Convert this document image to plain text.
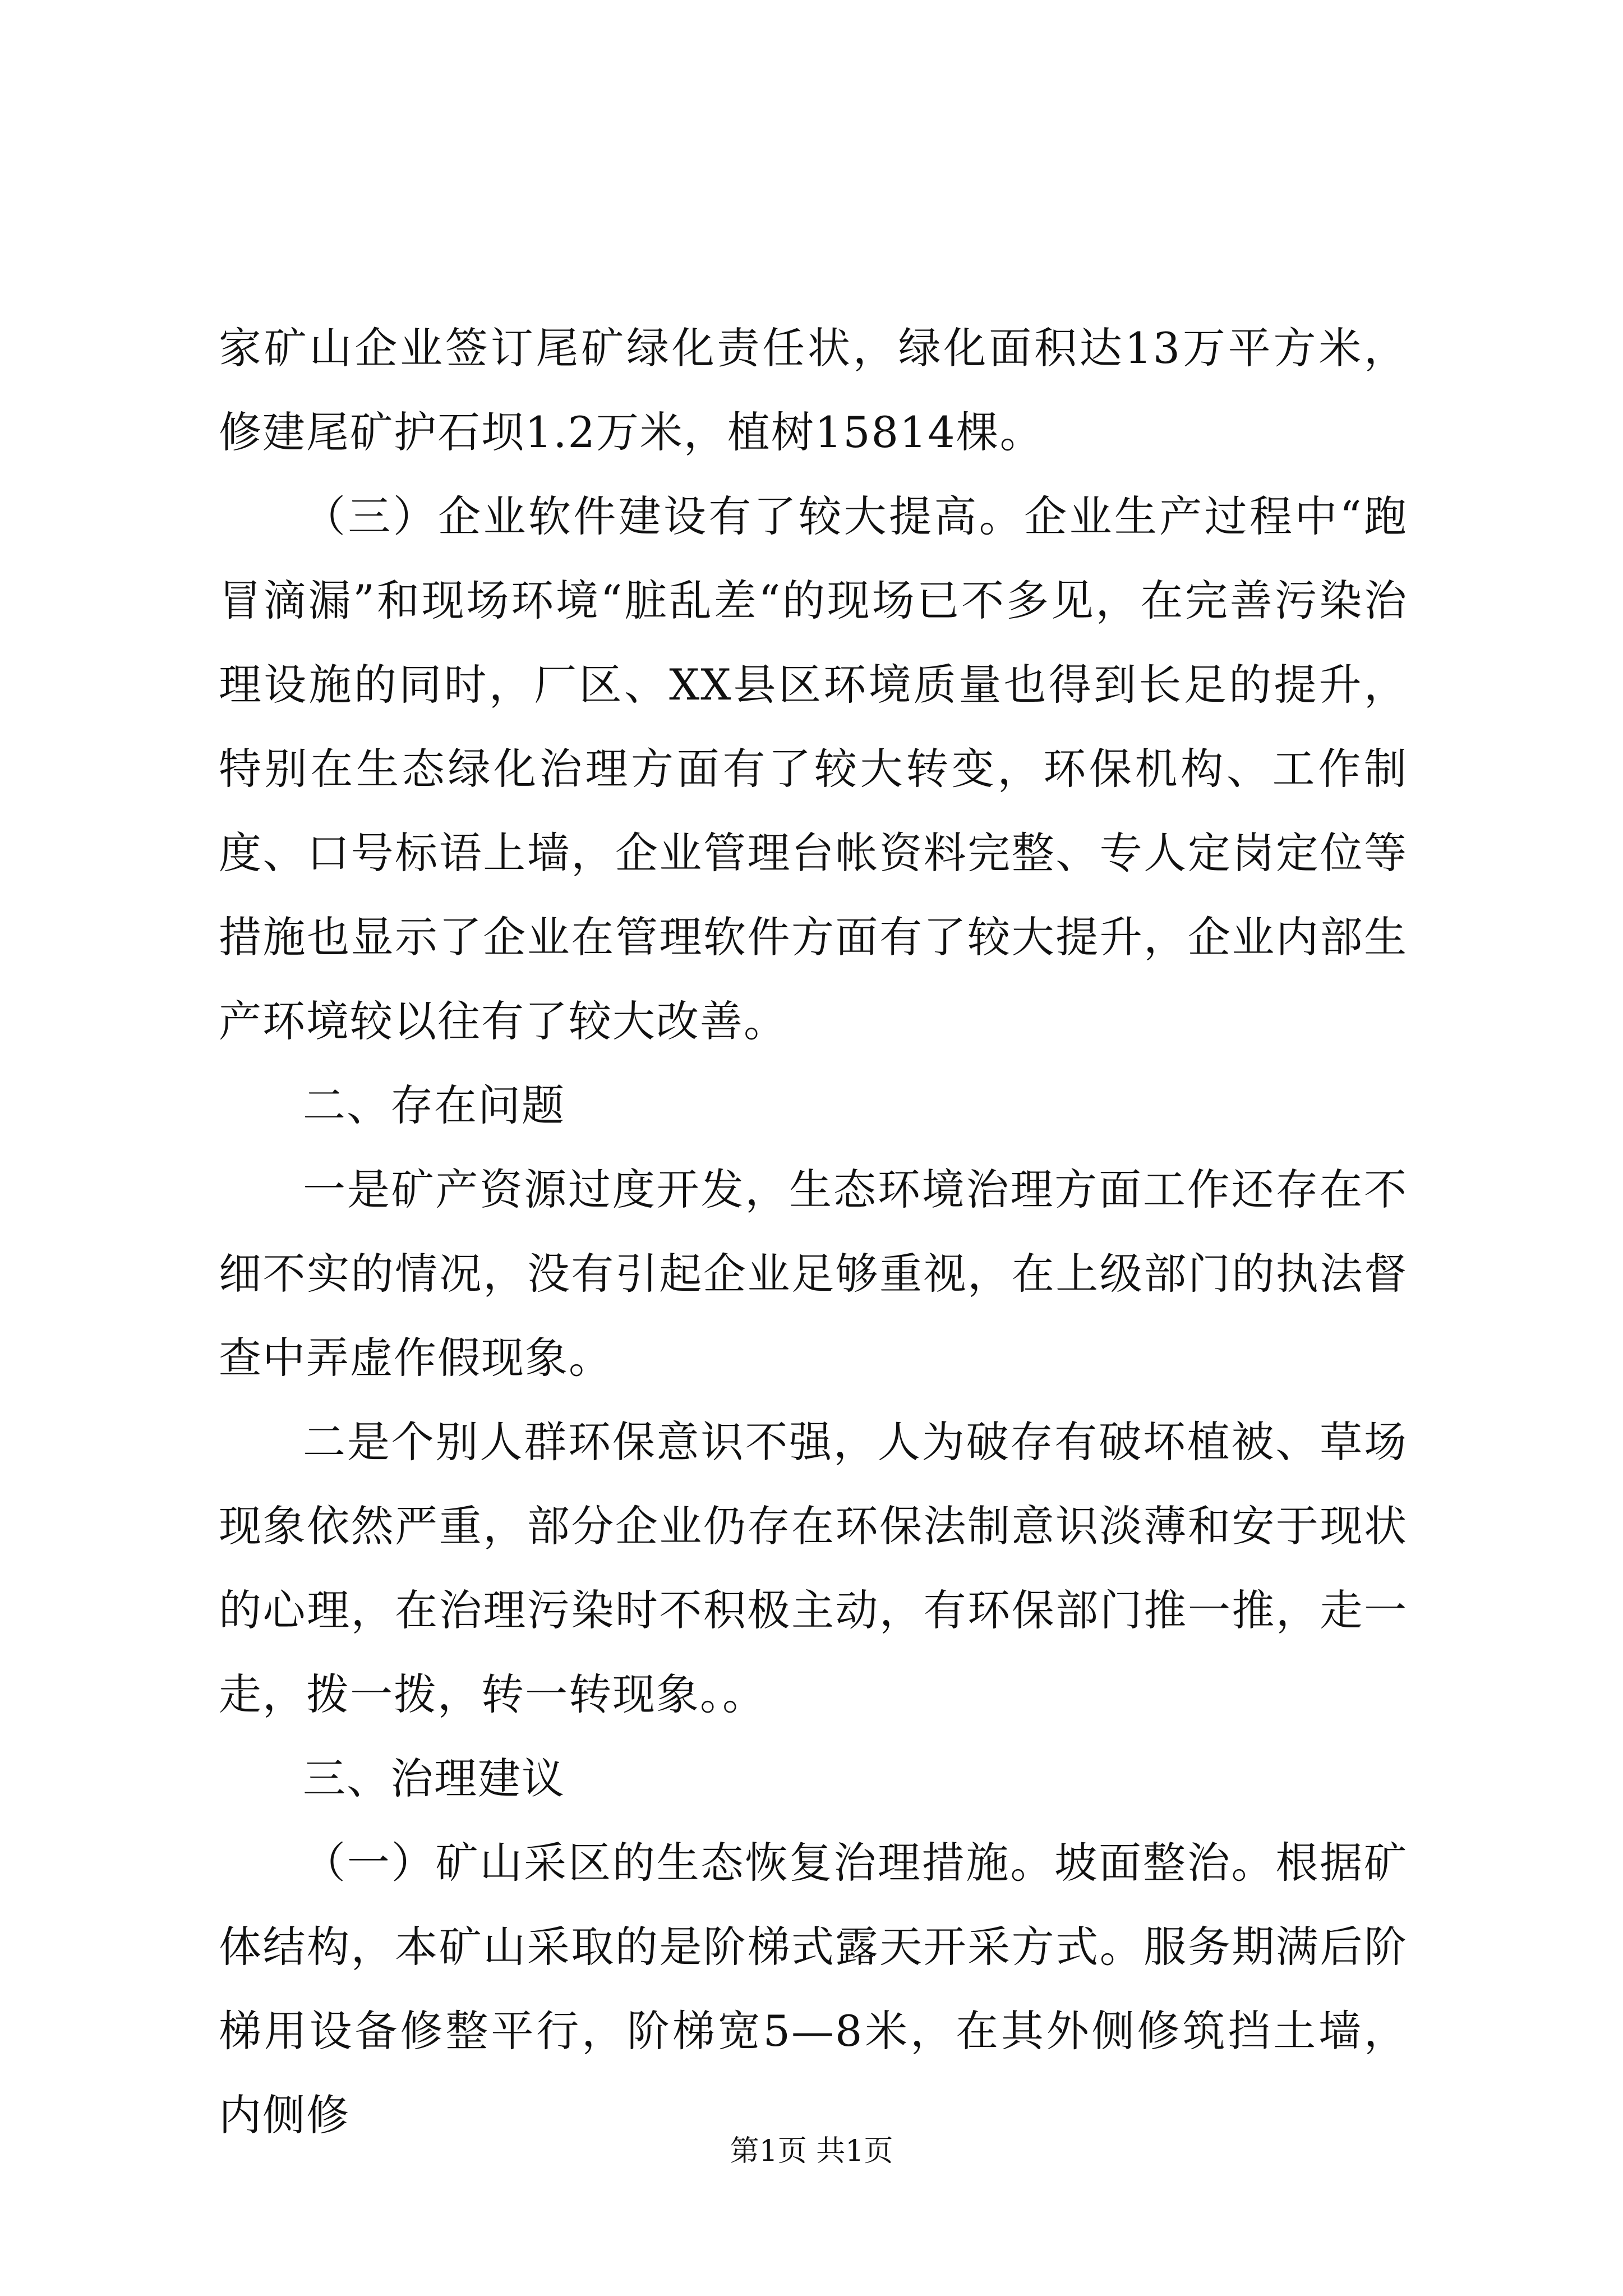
家矿山企业签订尾矿绿化责任状，绿化面积达13万平方米，修建尾矿护石坝1.2万米，植树15814棵。

（三）企业软件建设有了较大提高。企业生产过程中“跑冒滴漏”和现场环境“脏乱差“的现场已不多见，在完善污染治理设施的同时，厂区、XX县区环境质量也得到长足的提升，特别在生态绿化治理方面有了较大转变，环保机构、工作制度、口号标语上墙，企业管理台帐资料完整、专人定岗定位等措施也显示了企业在管理软件方面有了较大提升，企业内部生产环境较以往有了较大改善。

二、存在问题

一是矿产资源过度开发，生态环境治理方面工作还存在不细不实的情况，没有引起企业足够重视，在上级部门的执法督查中弄虚作假现象。

二是个别人群环保意识不强，人为破存有破坏植被、草场现象依然严重，部分企业仍存在环保法制意识淡薄和安于现状的心理，在治理污染时不积极主动，有环保部门推一推，走一走，拨一拨，转一转现象。。

三、治理建议

（一）矿山采区的生态恢复治理措施。坡面整治。根据矿体结构，本矿山采取的是阶梯式露天开采方式。服务期满后阶梯用设备修整平行，阶梯宽5—8米，在其外侧修筑挡土墙，内侧修

第1页 共1页
